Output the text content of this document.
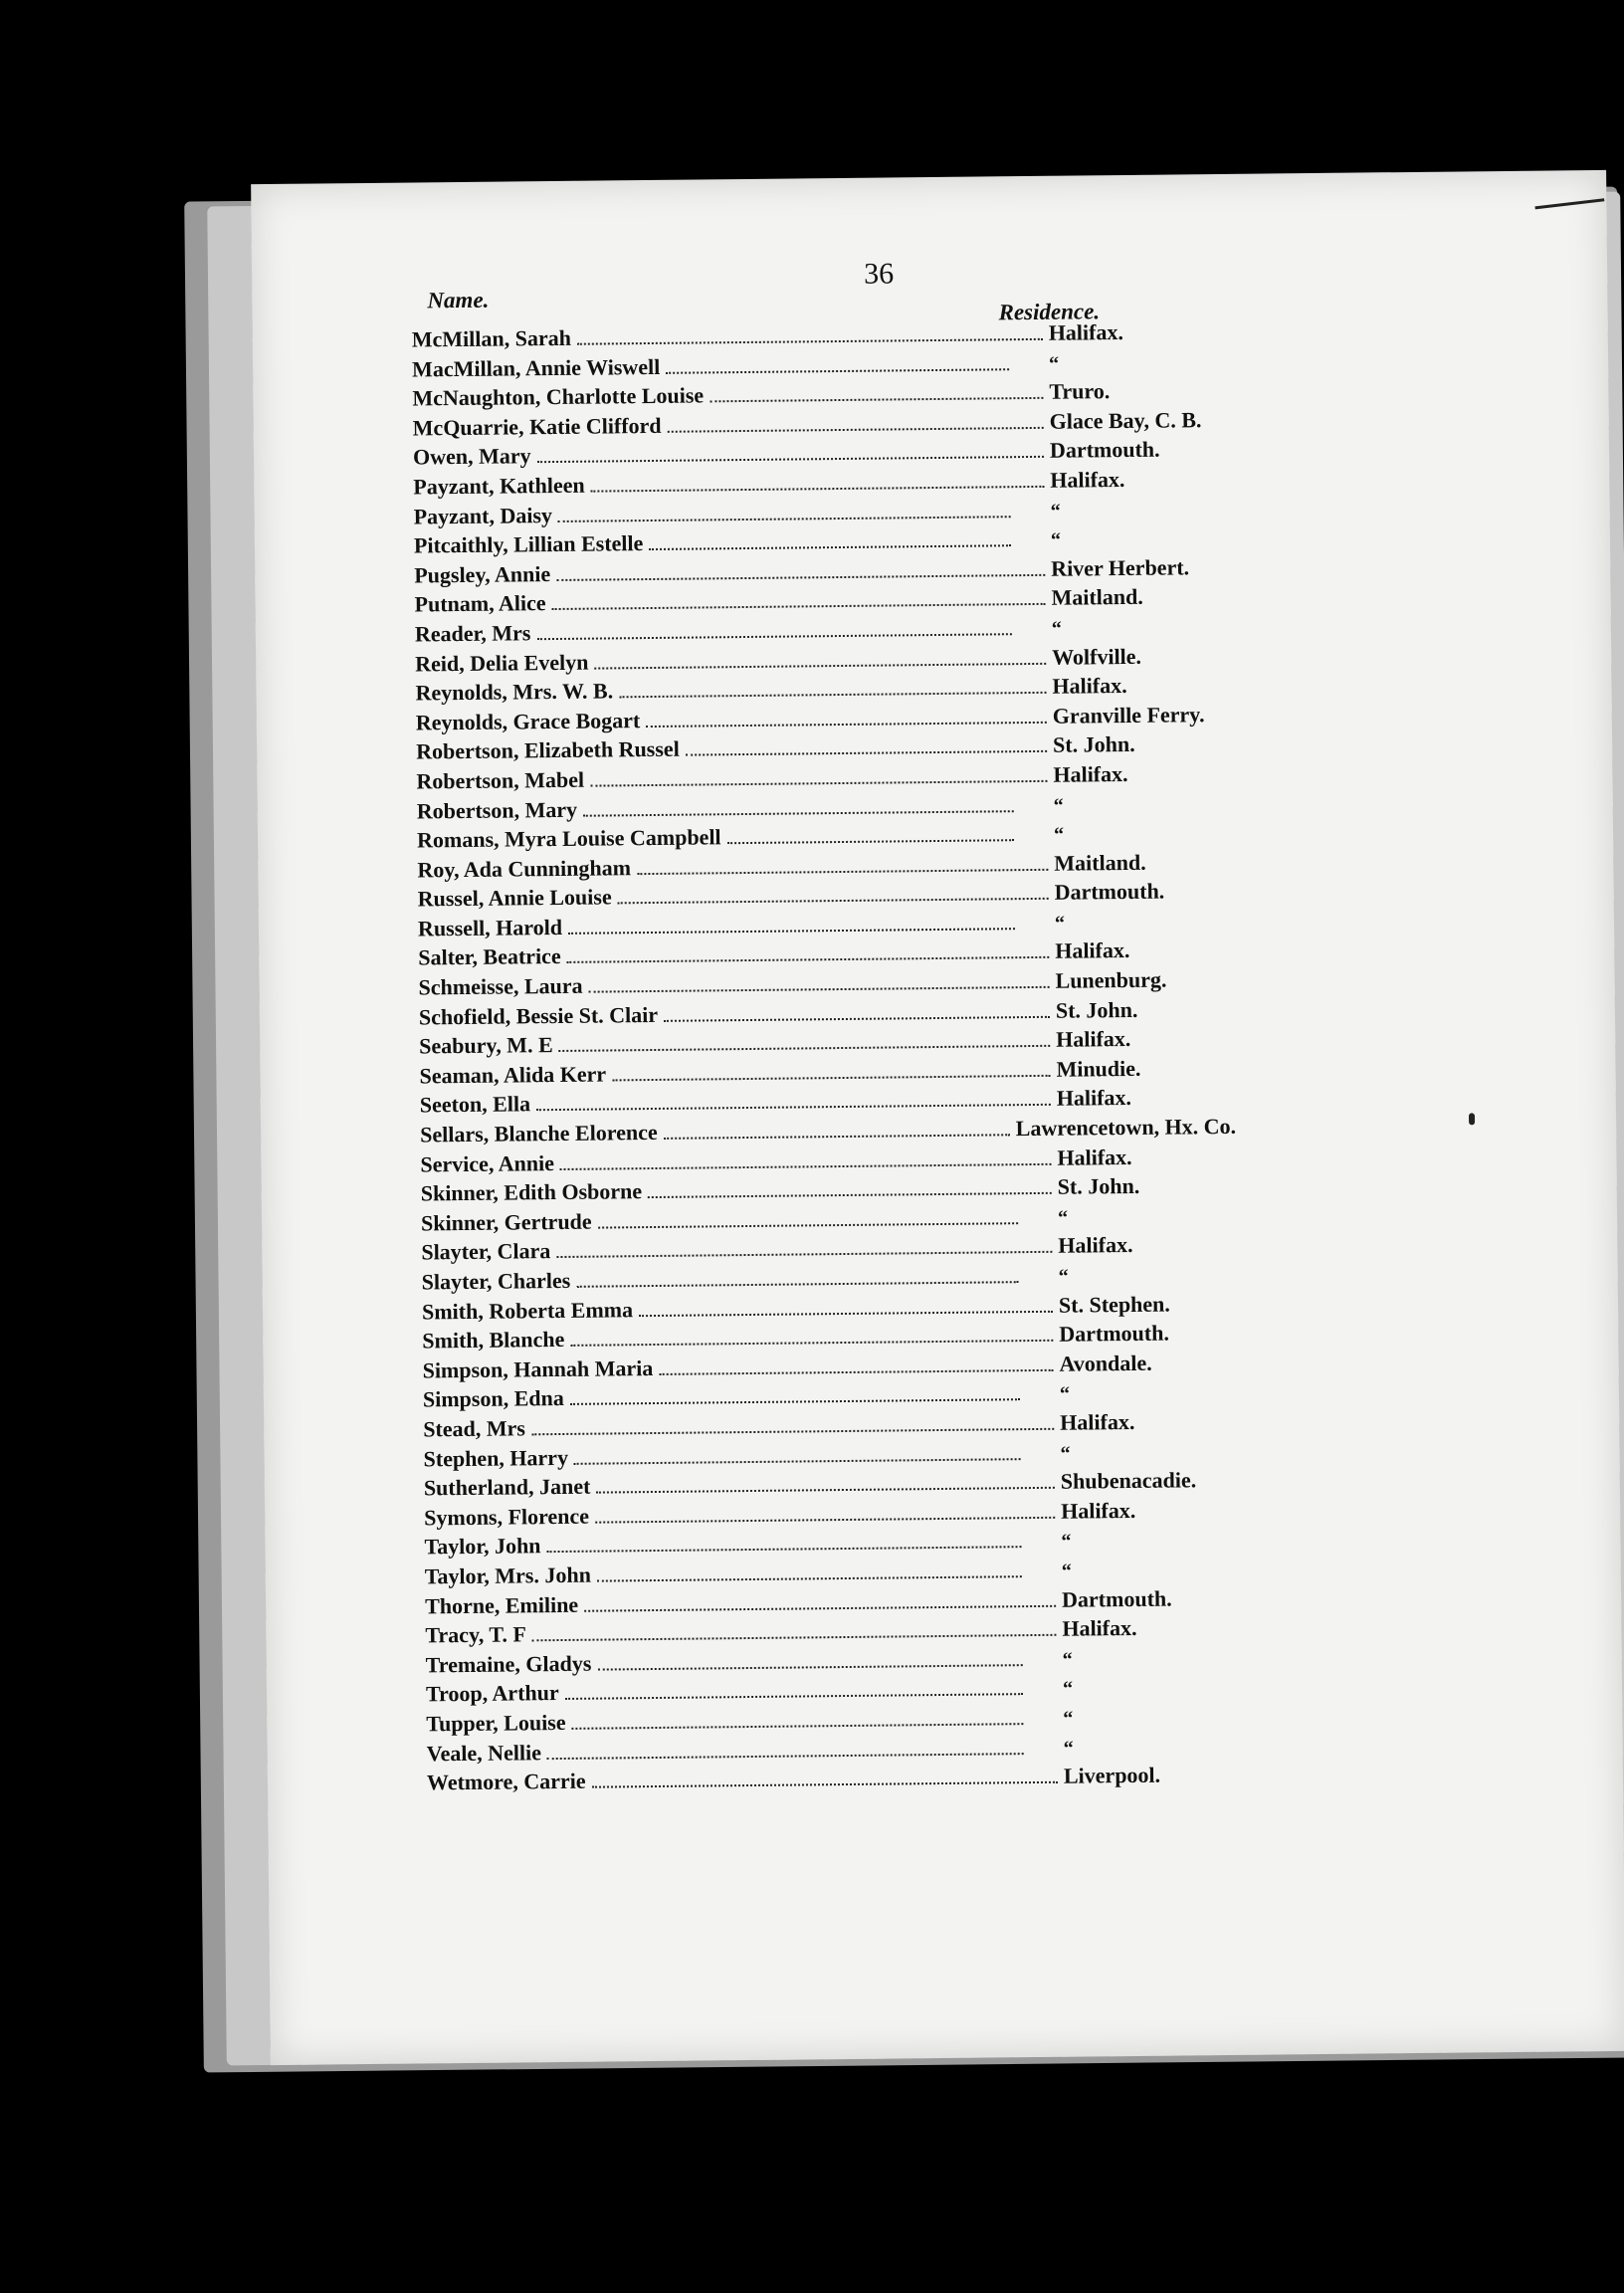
36
Name.	Residence.
McMillan, Sarah	Halifax.
MacMillan, Annie Wiswell	“
McNaughton, Charlotte Louise	Truro.
McQuarrie, Katie Clifford	Glace Bay, C. B.
Owen, Mary	Dartmouth.
Payzant, Kathleen	Halifax.
Payzant, Daisy	“
Pitcaithly, Lillian Estelle	“
Pugsley, Annie	River Herbert.
Putnam, Alice	Maitland.
Reader, Mrs	“
Reid, Delia Evelyn	Wolfville.
Reynolds, Mrs. W. B.	Halifax.
Reynolds, Grace Bogart	Granville Ferry.
Robertson, Elizabeth Russel	St. John.
Robertson, Mabel	Halifax.
Robertson, Mary	“
Romans, Myra Louise Campbell	“
Roy, Ada Cunningham	Maitland.
Russel, Annie Louise	Dartmouth.
Russell, Harold	“
Salter, Beatrice	Halifax.
Schmeisse, Laura	Lunenburg.
Schofield, Bessie St. Clair	St. John.
Seabury, M. E	Halifax.
Seaman, Alida Kerr	Minudie.
Seeton, Ella	Halifax.
Sellars, Blanche Elorence	Lawrencetown, Hx. Co.
Service, Annie	Halifax.
Skinner, Edith Osborne	St. John.
Skinner, Gertrude	“
Slayter, Clara	Halifax.
Slayter, Charles	“
Smith, Roberta Emma	St. Stephen.
Smith, Blanche	Dartmouth.
Simpson, Hannah Maria	Avondale.
Simpson, Edna	“
Stead, Mrs	Halifax.
Stephen, Harry	“
Sutherland, Janet	Shubenacadie.
Symons, Florence	Halifax.
Taylor, John	“
Taylor, Mrs. John	“
Thorne, Emiline	Dartmouth.
Tracy, T. F	Halifax.
Tremaine, Gladys	“
Troop, Arthur	“
Tupper, Louise	“
Veale, Nellie	“
Wetmore, Carrie	Liverpool.
